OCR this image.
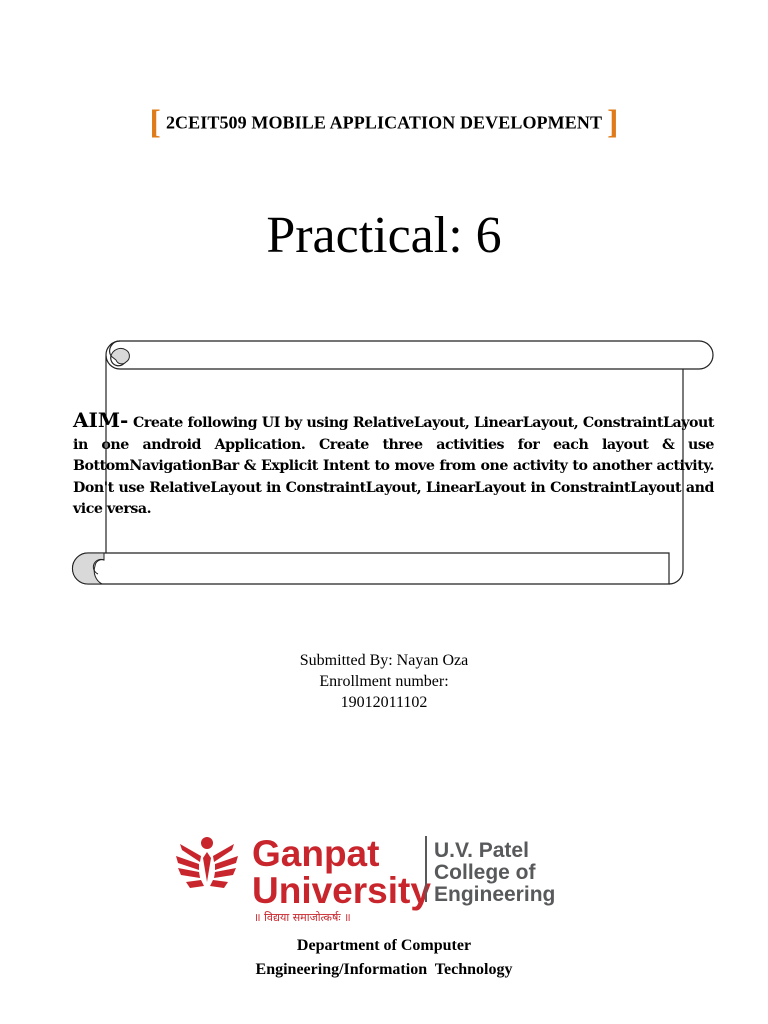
[ 2CEIT509 MOBILE APPLICATION DEVELOPMENT ]
Practical: 6
AIM- Create following UI by using RelativeLayout, LinearLayout, ConstraintLayout in one android Application. Create three activities for each layout & use BottomNavigationBar & Explicit Intent to move from one activity to another activity. Don't use RelativeLayout in ConstraintLayout, LinearLayout in ConstraintLayout and vice versa.
Submitted By: Nayan Oza
Enrollment number:
19012011102
Ganpat
University
॥ विद्यया समाजोत्कर्षः ॥
U.V. Patel
College of
Engineering
Department of Computer
Engineering/Information  Technology
